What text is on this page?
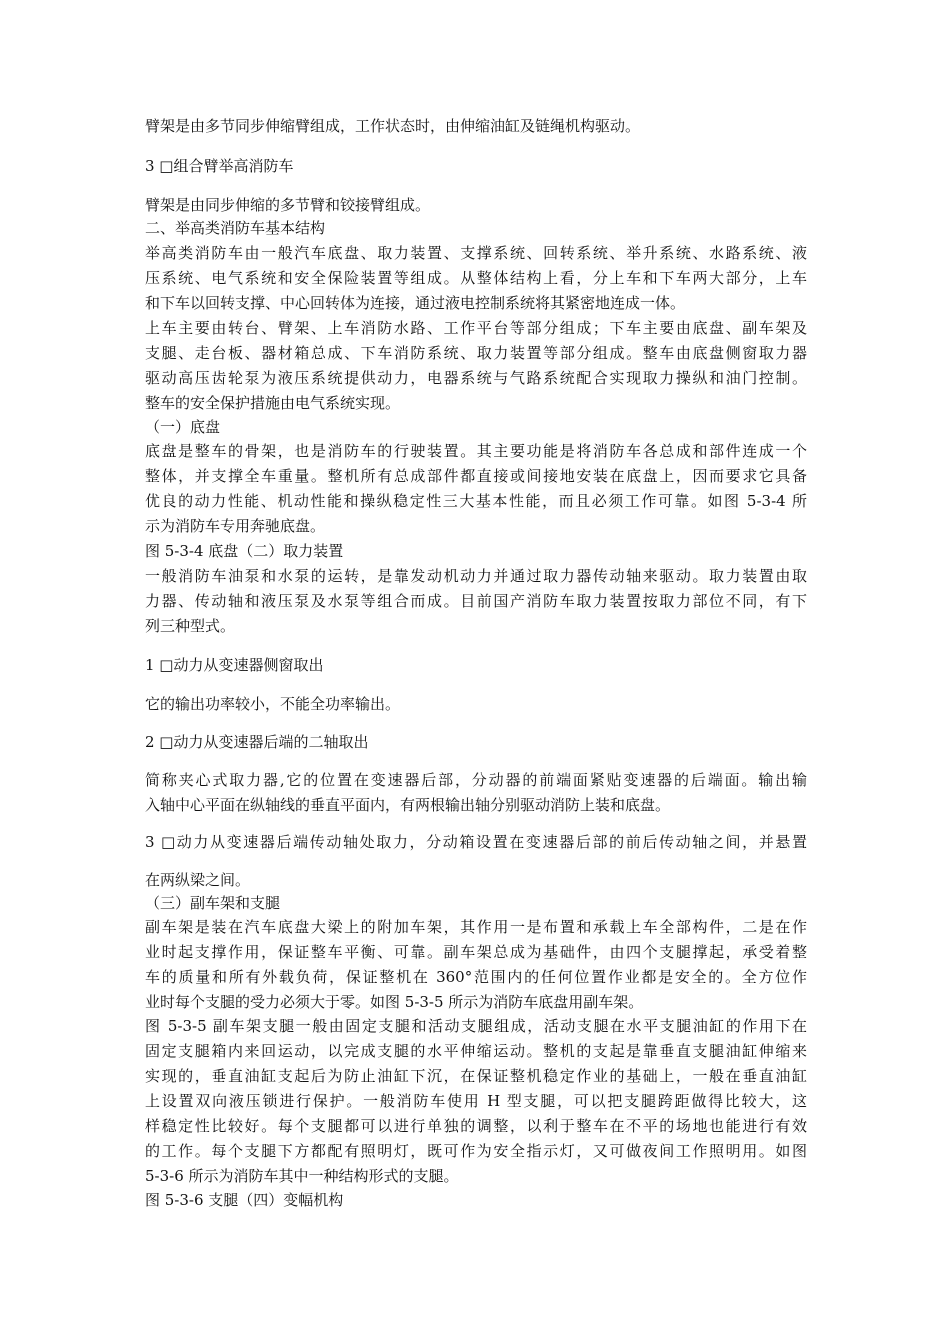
臂架是由多节同步伸缩臂组成，工作状态时，由伸缩油缸及链绳机构驱动。
3 □组合臂举高消防车
臂架是由同步伸缩的多节臂和铰接臂组成。
二、举高类消防车基本结构
举高类消防车由一般汽车底盘、取力装置、支撑系统、回转系统、举升系统、水路系统、液
压系统、电气系统和安全保险装置等组成。从整体结构上看，分上车和下车两大部分，上车
和下车以回转支撑、中心回转体为连接，通过液电控制系统将其紧密地连成一体。
上车主要由转台、臂架、上车消防水路、工作平台等部分组成；下车主要由底盘、副车架及
支腿、走台板、器材箱总成、下车消防系统、取力装置等部分组成。整车由底盘侧窗取力器
驱动高压齿轮泵为液压系统提供动力，电器系统与气路系统配合实现取力操纵和油门控制。
整车的安全保护措施由电气系统实现。
（一）底盘
底盘是整车的骨架，也是消防车的行驶装置。其主要功能是将消防车各总成和部件连成一个
整体，并支撑全车重量。整机所有总成部件都直接或间接地安装在底盘上，因而要求它具备
优良的动力性能、机动性能和操纵稳定性三大基本性能，而且必须工作可靠。如图 5-3-4 所
示为消防车专用奔驰底盘。
图 5-3-4 底盘（二）取力装置
一般消防车油泵和水泵的运转，是靠发动机动力并通过取力器传动轴来驱动。取力装置由取
力器、传动轴和液压泵及水泵等组合而成。目前国产消防车取力装置按取力部位不同，有下
列三种型式。
1 □动力从变速器侧窗取出
它的输出功率较小，不能全功率输出。
2 □动力从变速器后端的二轴取出
简称夹心式取力器,它的位置在变速器后部，分动器的前端面紧贴变速器的后端面。输出输
入轴中心平面在纵轴线的垂直平面内，有两根输出轴分别驱动消防上装和底盘。
3 □动力从变速器后端传动轴处取力，分动箱设置在变速器后部的前后传动轴之间，并悬置
在两纵梁之间。
（三）副车架和支腿
副车架是装在汽车底盘大梁上的附加车架，其作用一是布置和承载上车全部构件，二是在作
业时起支撑作用，保证整车平衡、可靠。副车架总成为基础件，由四个支腿撑起，承受着整
车的质量和所有外载负荷，保证整机在 360°范围内的任何位置作业都是安全的。全方位作
业时每个支腿的受力必须大于零。如图 5-3-5 所示为消防车底盘用副车架。
图 5-3-5 副车架支腿一般由固定支腿和活动支腿组成，活动支腿在水平支腿油缸的作用下在
固定支腿箱内来回运动，以完成支腿的水平伸缩运动。整机的支起是靠垂直支腿油缸伸缩来
实现的，垂直油缸支起后为防止油缸下沉，在保证整机稳定作业的基础上，一般在垂直油缸
上设置双向液压锁进行保护。一般消防车使用 H 型支腿，可以把支腿跨距做得比较大，这
样稳定性比较好。每个支腿都可以进行单独的调整，以利于整车在不平的场地也能进行有效
的工作。每个支腿下方都配有照明灯，既可作为安全指示灯，又可做夜间工作照明用。如图
5-3-6 所示为消防车其中一种结构形式的支腿。
图 5-3-6 支腿（四）变幅机构
